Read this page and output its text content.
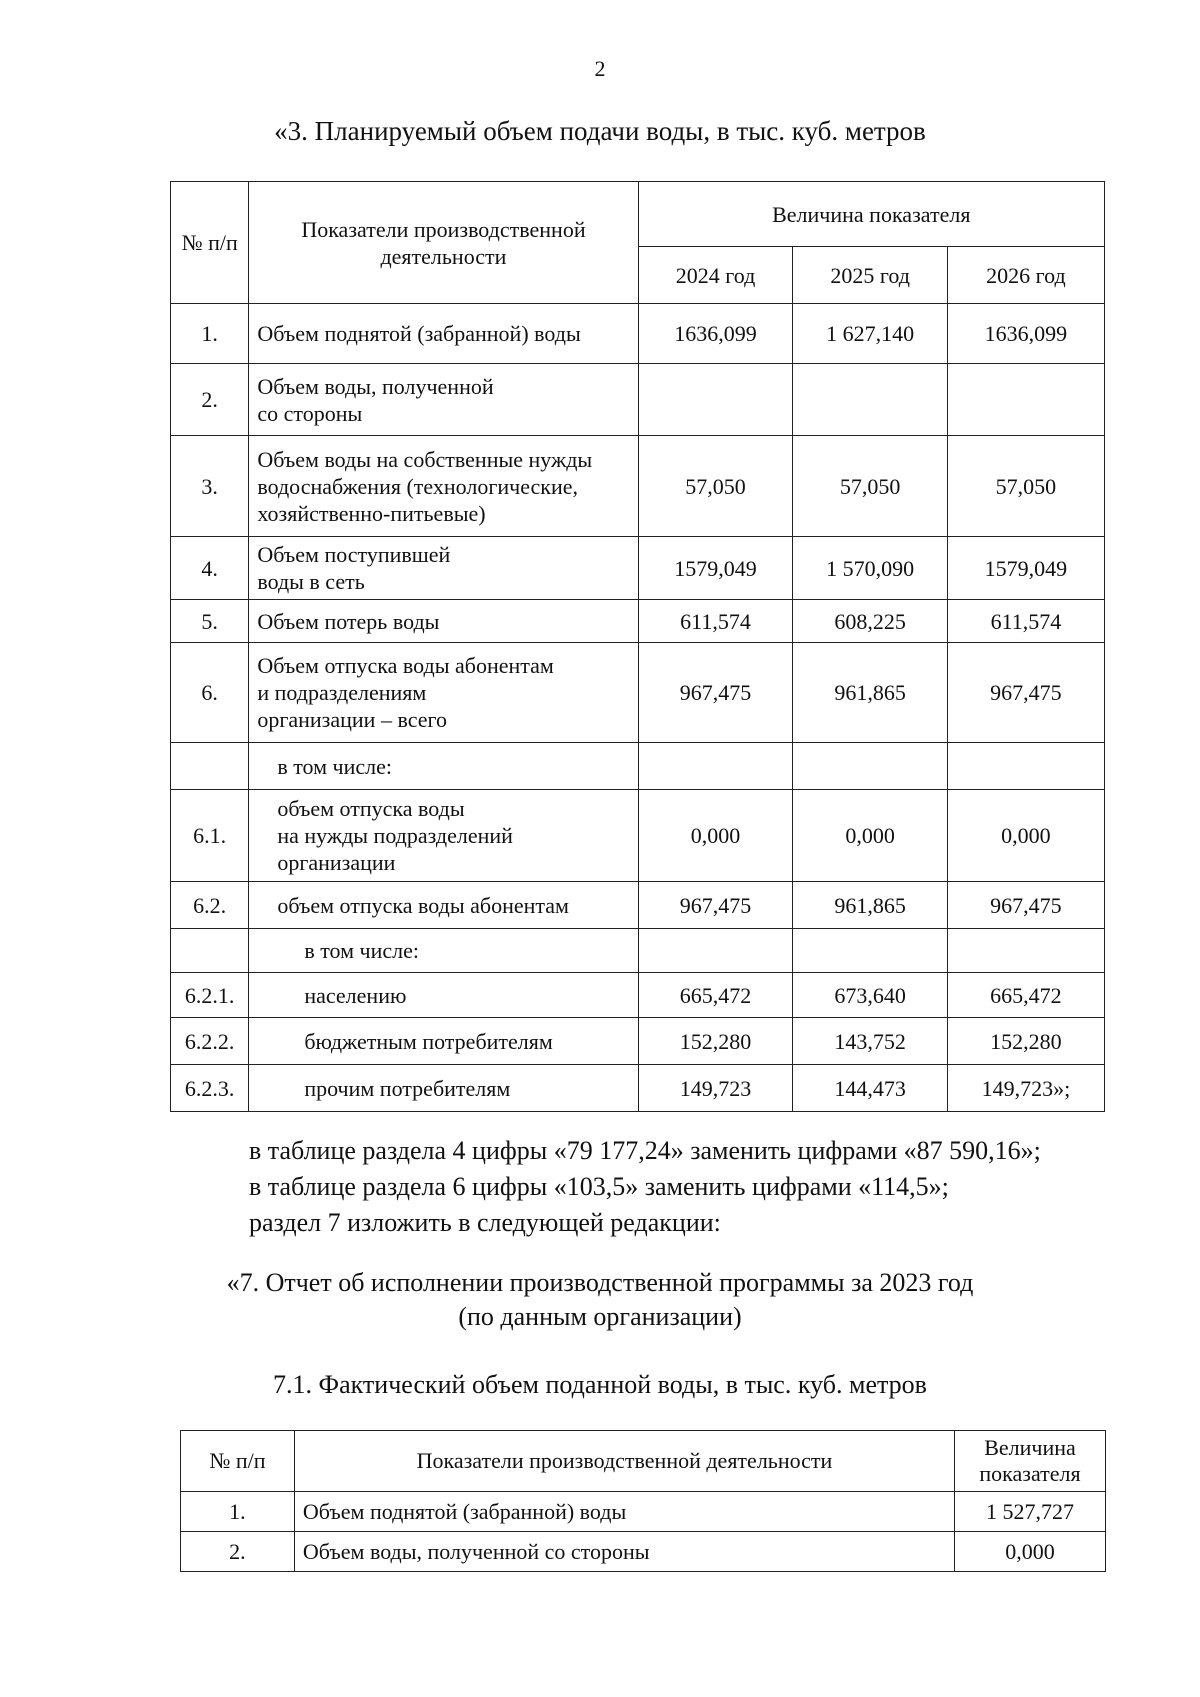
2
«3. Планируемый объем подачи воды, в тыс. куб. метров
№ п/п	Показатели производственной деятельности	Величина показателя		
		2024 год	2025 год	2026 год
1.	Объем поднятой (забранной) воды	1636,099	1 627,140	1636,099
2.	Объем воды, полученной
со стороны			
3.	Объем воды на собственные нужды водоснабжения (технологические, хозяйственно-питьевые)	57,050	57,050	57,050
4.	Объем поступившей
воды в сеть	1579,049	1 570,090	1579,049
5.	Объем потерь воды	611,574	608,225	611,574
6.	Объем отпуска воды абонентам
и подразделениям
организации – всего	967,475	961,865	967,475
	в том числе:			
6.1.	объем отпуска воды
на нужды подразделений
организации	0,000	0,000	0,000
6.2.	объем отпуска воды абонентам	967,475	961,865	967,475
	в том числе:			
6.2.1.	населению	665,472	673,640	665,472
6.2.2.	бюджетным потребителям	152,280	143,752	152,280
6.2.3.	прочим потребителям	149,723	144,473	149,723»;
в таблице раздела 4 цифры «79 177,24» заменить цифрами «87 590,16»;
в таблице раздела 6 цифры «103,5» заменить цифрами «114,5»;
раздел 7 изложить в следующей редакции:
«7. Отчет об исполнении производственной программы за 2023 год
(по данным организации)
7.1. Фактический объем поданной воды, в тыс. куб. метров
№ п/п	Показатели производственной деятельности	Величина показателя
1.	Объем поднятой (забранной) воды	1 527,727
2.	Объем воды, полученной со стороны	0,000
